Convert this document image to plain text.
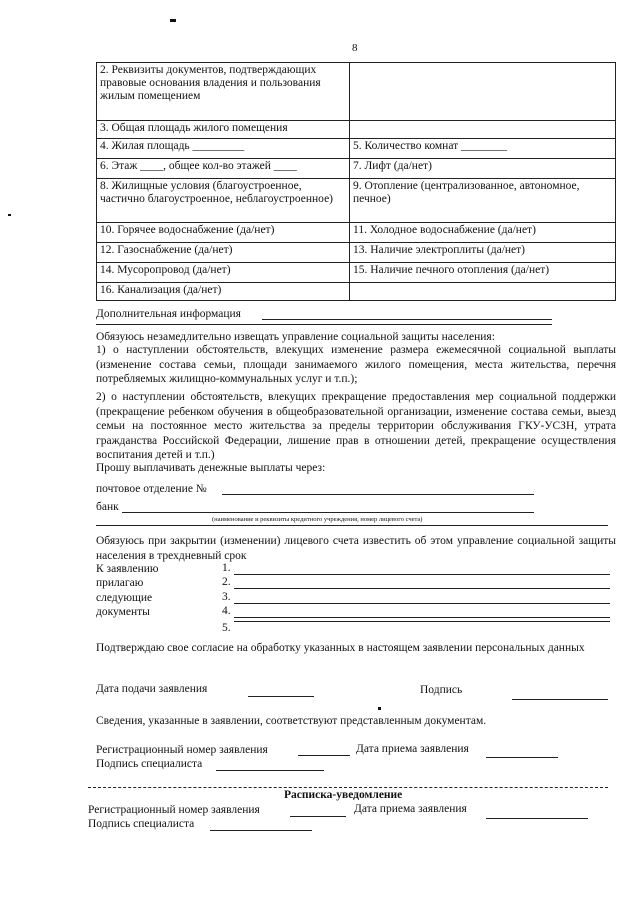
8
2. Реквизиты документов, подтверждающих правовые основания владения и пользования жилым помещением	
3. Общая площадь жилого помещения	
4. Жилая площадь _________	5. Количество комнат ________
6. Этаж ____, общее кол-во этажей ____	7. Лифт (да/нет)
8. Жилищные условия (благоустроенное, частично благоустроенное, неблагоустроенное)	9. Отопление (централизованное, автономное, печное)
10. Горячее водоснабжение (да/нет)	11. Холодное водоснабжение (да/нет)
12. Газоснабжение (да/нет)	13. Наличие электроплиты (да/нет)
14. Мусоропровод (да/нет)	15. Наличие печного отопления (да/нет)
16. Канализация (да/нет)	
Дополнительная информация
Обязуюсь незамедлительно извещать управление социальной защиты населения:
1) о наступлении обстоятельств, влекущих изменение размера ежемесячной социальной выплаты (изменение состава семьи, площади занимаемого жилого помещения, места жительства, перечня потребляемых жилищно-коммунальных услуг и т.п.);
2) о наступлении обстоятельств, влекущих прекращение предоставления мер социальной поддержки (прекращение ребенком обучения в общеобразовательной организации, изменение состава семьи, выезд семьи на постоянное место жительства за пределы территории обслуживания ГКУ-УСЗН, утрата гражданства Российской Федерации, лишение прав в отношении детей, прекращение осуществления воспитания детей и т.п.)
Прошу выплачивать денежные выплаты через:
почтовое отделение №
банк
(наименование и реквизиты кредитного учреждения, номер лицевого счета)
Обязуюсь при закрытии (изменении) лицевого счета известить об этом управление социальной защиты населения в трехдневный срок
К заявлению
прилагаю
следующие
документы
1.
2.
3.
4.
5.
Подтверждаю свое согласие на обработку указанных в настоящем заявлении персональных данных
Дата подачи заявления	Подпись
Сведения, указанные в заявлении, соответствуют представленным документам.
Регистрационный номер заявления	Дата приема заявления
Подпись специалиста
Расписка-уведомление
Регистрационный номер заявления	Дата приема заявления
Подпись специалиста
